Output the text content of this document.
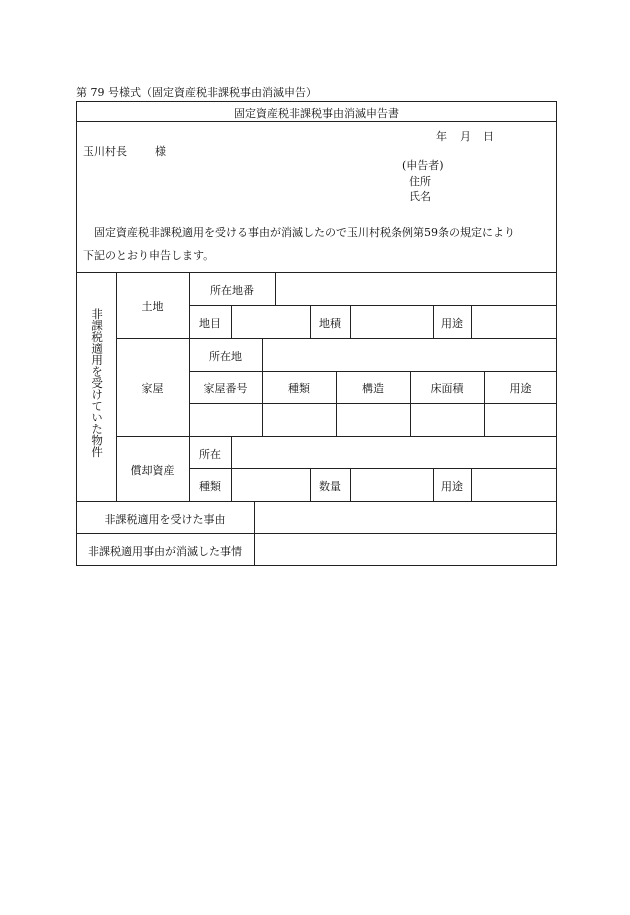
第 79 号様式（固定資産税非課税事由消滅申告）
固定資産税非課税事由消滅申告書
年 月 日
玉川村長	様
(申告者)
住所
氏名
固定資産税非課税適用を受ける事由が消滅したので玉川村税条例第59条の規定により
下記のとおり申告します。
非課税適用を受けていた物件
土地
所在地番
地目	地積	用途
家屋
所在地
家屋番号	種類	構造	床面積	用途
償却資産
所在
種類	数量	用途
非課税適用を受けた事由
非課税適用事由が消滅した事情
